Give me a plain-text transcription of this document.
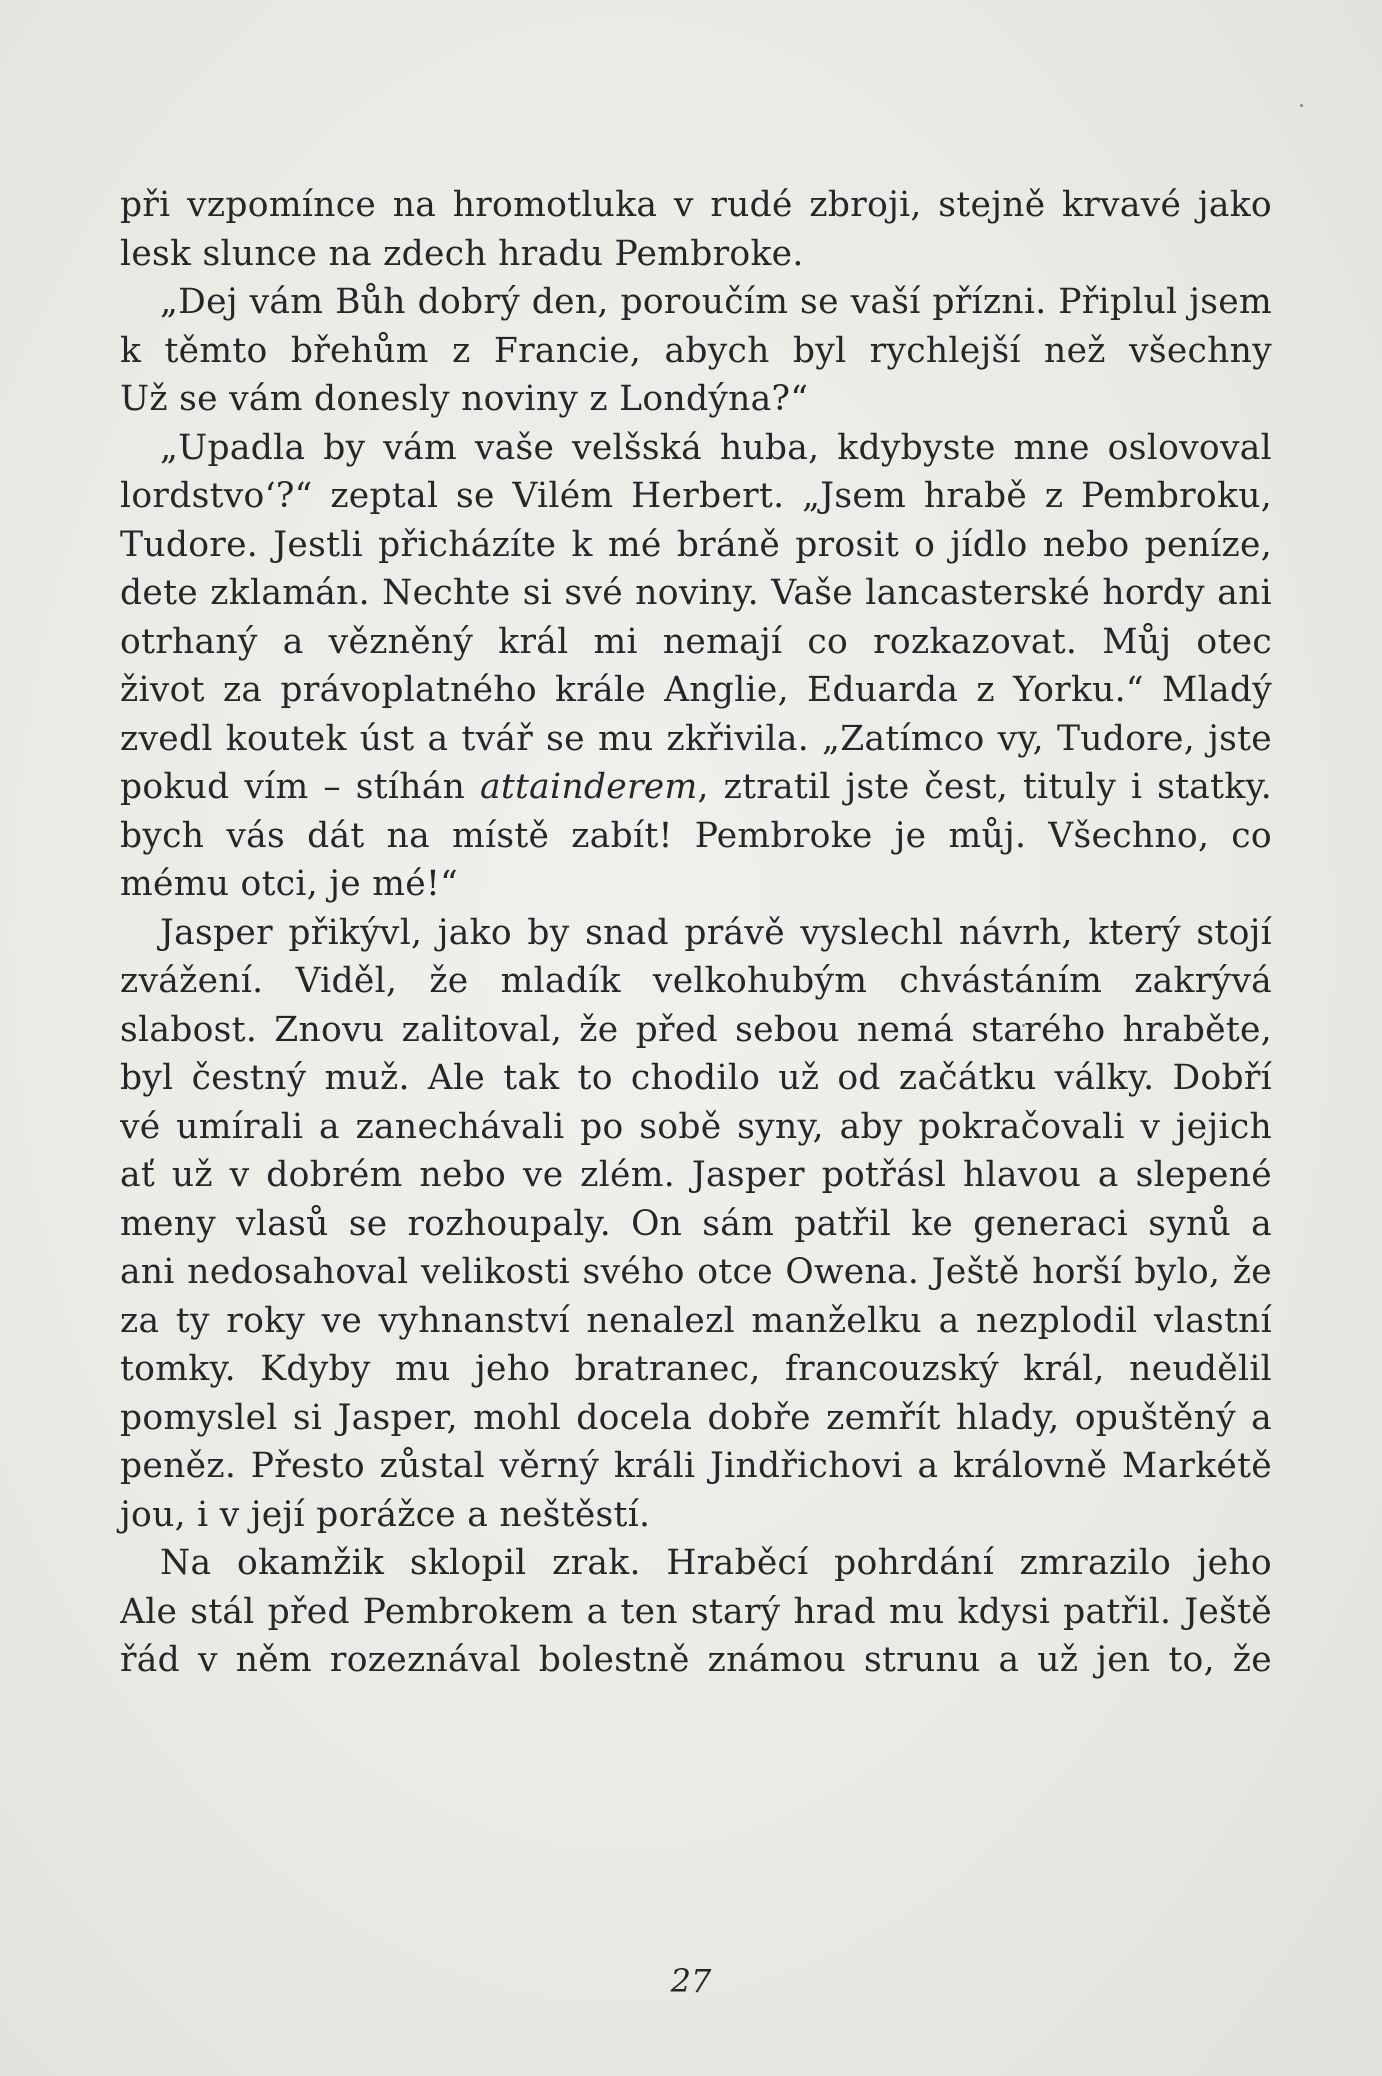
při vzpomínce na hromotluka v rudé zbroji, stejně krvavé jako
lesk slunce na zdech hradu Pembroke.
„Dej vám Bůh dobrý den, poroučím se vaší přízni. Připlul jsem
k těmto břehům z Francie, abych byl rychlejší než všechny
Už se vám donesly noviny z Londýna?“
„Upadla by vám vaše velšská huba, kdybyste mne oslovoval
lordstvo‘?“ zeptal se Vilém Herbert. „Jsem hrabě z Pembroku,
Tudore. Jestli přicházíte k mé bráně prosit o jídlo nebo peníze,
dete zklamán. Nechte si své noviny. Vaše lancasterské hordy ani
otrhaný a vězněný král mi nemají co rozkazovat. Můj otec
život za právoplatného krále Anglie, Eduarda z Yorku.“ Mladý
zvedl koutek úst a tvář se mu zkřivila. „Zatímco vy, Tudore, jste
pokud vím – stíhán attainderem, ztratil jste čest, tituly i statky.
bych vás dát na místě zabít! Pembroke je můj. Všechno, co
mému otci, je mé!“
Jasper přikývl, jako by snad právě vyslechl návrh, který stojí
zvážení. Viděl, že mladík velkohubým chvástáním zakrývá
slabost. Znovu zalitoval, že před sebou nemá starého hraběte,
byl čestný muž. Ale tak to chodilo už od začátku války. Dobří
vé umírali a zanechávali po sobě syny, aby pokračovali v jejich
ať už v dobrém nebo ve zlém. Jasper potřásl hlavou a slepené
meny vlasů se rozhoupaly. On sám patřil ke generaci synů a
ani nedosahoval velikosti svého otce Owena. Ještě horší bylo, že
za ty roky ve vyhnanství nenalezl manželku a nezplodil vlastní
tomky. Kdyby mu jeho bratranec, francouzský král, neudělil
pomyslel si Jasper, mohl docela dobře zemřít hlady, opuštěný a
peněz. Přesto zůstal věrný králi Jindřichovi a královně Markétě
jou, i v její porážce a neštěstí.
Na okamžik sklopil zrak. Hraběcí pohrdání zmrazilo jeho
Ale stál před Pembrokem a ten starý hrad mu kdysi patřil. Ještě
řád v něm rozeznával bolestně známou strunu a už jen to, že
27
